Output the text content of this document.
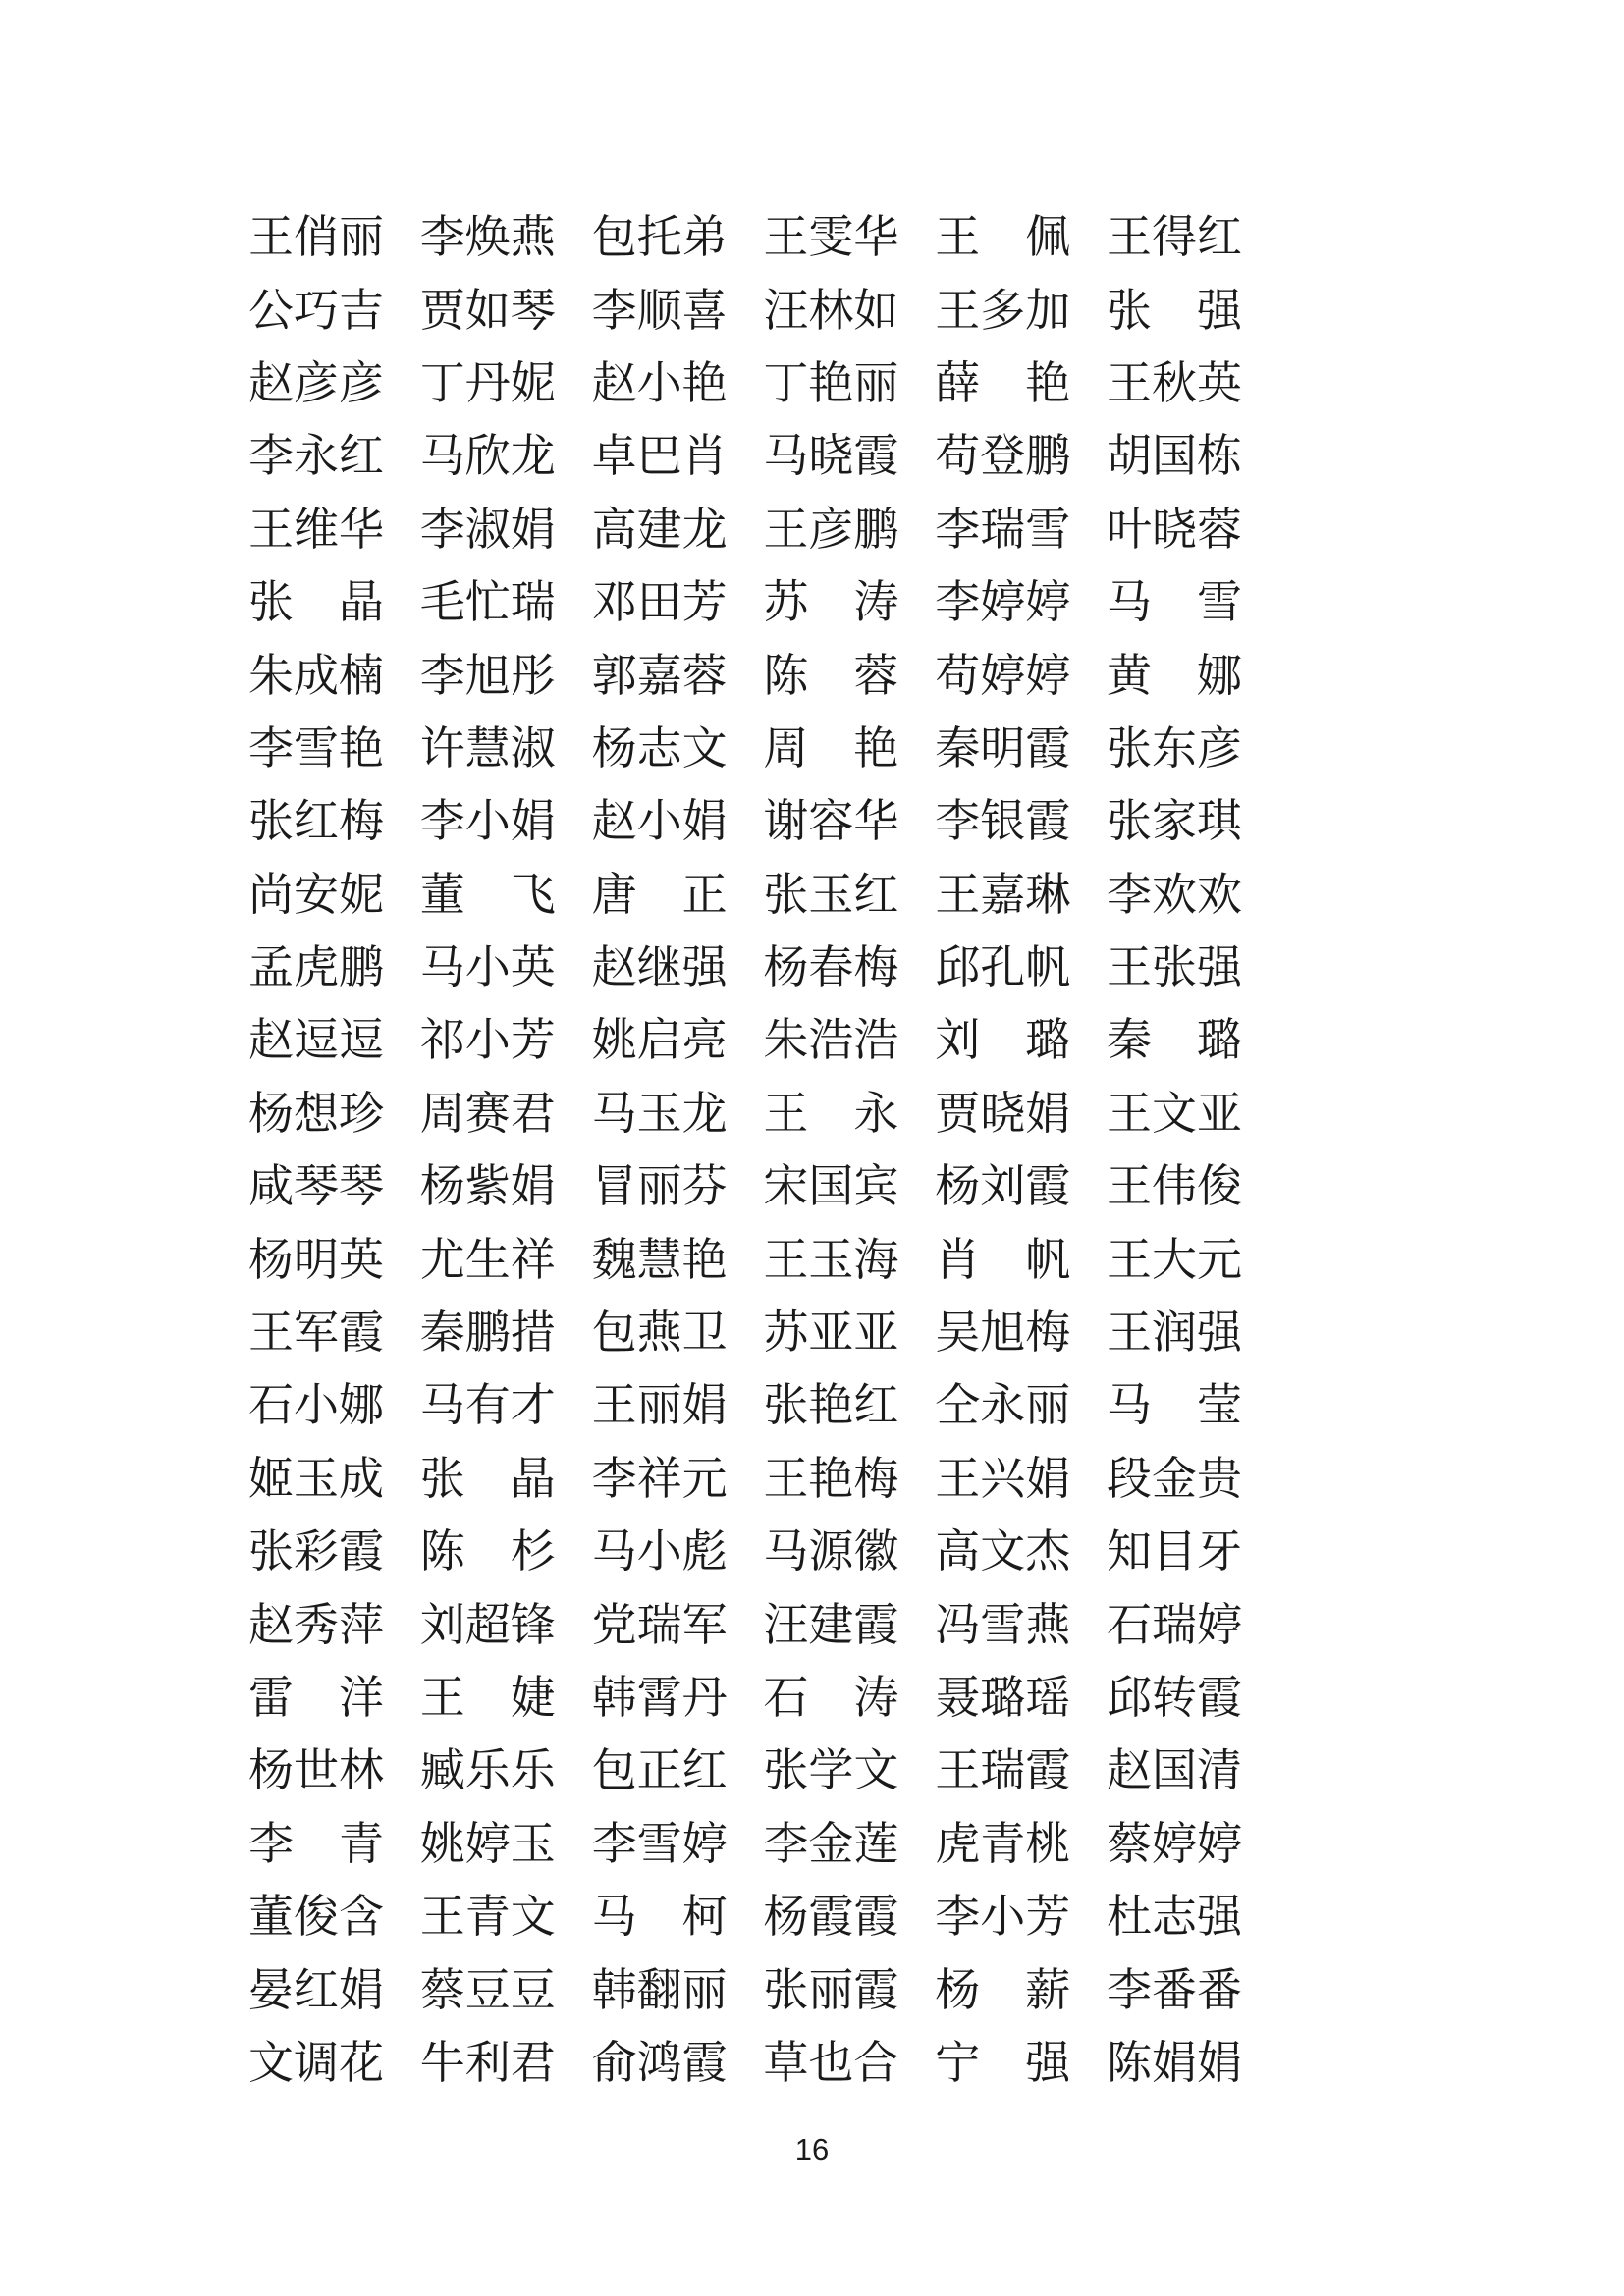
王 俏 丽 李 焕 燕 包 托 弟 王 雯 华 王 佩 王 得 红
公 巧 吉 贾 如 琴 李 顺 喜 汪 林 如 王 多 加 张 强
赵 彦 彦 丁 丹 妮 赵 小 艳 丁 艳 丽 薛 艳 王 秋 英
李 永 红 马 欣 龙 卓 巴 肖 马 晓 霞 苟 登 鹏 胡 国 栋
王 维 华 李 淑 娟 高 建 龙 王 彦 鹏 李 瑞 雪 叶 晓 蓉
张 晶 毛 忙 瑞 邓 田 芳 苏 涛 李 婷 婷 马 雪
朱 成 楠 李 旭 彤 郭 嘉 蓉 陈 蓉 苟 婷 婷 黄 娜
李 雪 艳 许 慧 淑 杨 志 文 周 艳 秦 明 霞 张 东 彦
张 红 梅 李 小 娟 赵 小 娟 谢 容 华 李 银 霞 张 家 琪
尚 安 妮 董 飞 唐 正 张 玉 红 王 嘉 琳 李 欢 欢
孟 虎 鹏 马 小 英 赵 继 强 杨 春 梅 邱 孔 帆 王 张 强
赵 逗 逗 祁 小 芳 姚 启 亮 朱 浩 浩 刘 璐 秦 璐
杨 想 珍 周 赛 君 马 玉 龙 王 永 贾 晓 娟 王 文 亚
咸 琴 琴 杨 紫 娟 冒 丽 芬 宋 国 宾 杨 刘 霞 王 伟 俊
杨 明 英 尤 生 祥 魏 慧 艳 王 玉 海 肖 帆 王 大 元
王 军 霞 秦 鹏 措 包 燕 卫 苏 亚 亚 吴 旭 梅 王 润 强
石 小 娜 马 有 才 王 丽 娟 张 艳 红 仝 永 丽 马 莹
姬 玉 成 张 晶 李 祥 元 王 艳 梅 王 兴 娟 段 金 贵
张 彩 霞 陈 杉 马 小 彪 马 源 徽 高 文 杰 知 目 牙
赵 秀 萍 刘 超 锋 党 瑞 军 汪 建 霞 冯 雪 燕 石 瑞 婷
雷 洋 王 婕 韩 霄 丹 石 涛 聂 璐 瑶 邱 转 霞
杨 世 林 臧 乐 乐 包 正 红 张 学 文 王 瑞 霞 赵 国 清
李 青 姚 婷 玉 李 雪 婷 李 金 莲 虎 青 桃 蔡 婷 婷
董 俊 含 王 青 文 马 柯 杨 霞 霞 李 小 芳 杜 志 强
晏 红 娟 蔡 豆 豆 韩 翻 丽 张 丽 霞 杨 薪 李 番 番
文 调 花 牛 利 君 俞 鸿 霞 草 也 合 宁 强 陈 娟 娟
16
